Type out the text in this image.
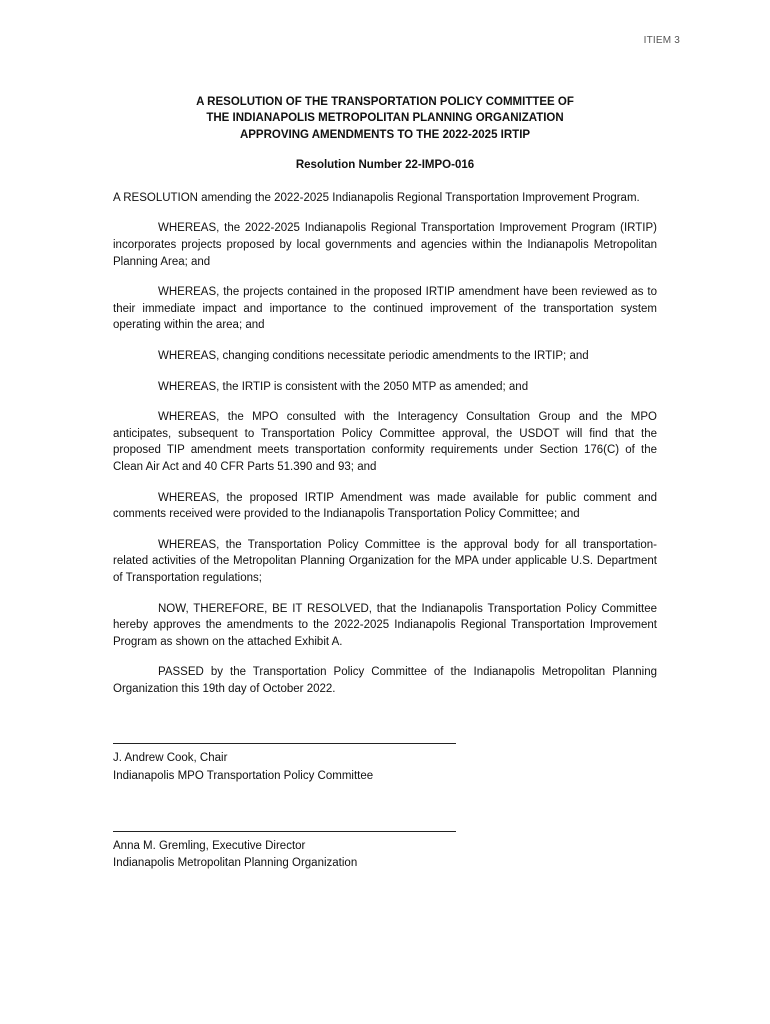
ITIEM 3
A RESOLUTION OF THE TRANSPORTATION POLICY COMMITTEE OF
THE INDIANAPOLIS METROPOLITAN PLANNING ORGANIZATION
APPROVING AMENDMENTS TO THE 2022-2025 IRTIP
Resolution Number 22-IMPO-016
A RESOLUTION amending the 2022-2025 Indianapolis Regional Transportation Improvement Program.

WHEREAS, the 2022-2025 Indianapolis Regional Transportation Improvement Program (IRTIP) incorporates projects proposed by local governments and agencies within the Indianapolis Metropolitan Planning Area; and

WHEREAS, the projects contained in the proposed IRTIP amendment have been reviewed as to their immediate impact and importance to the continued improvement of the transportation system operating within the area; and

WHEREAS, changing conditions necessitate periodic amendments to the IRTIP; and

WHEREAS, the IRTIP is consistent with the 2050 MTP as amended; and

WHEREAS, the MPO consulted with the Interagency Consultation Group and the MPO anticipates, subsequent to Transportation Policy Committee approval, the USDOT will find that the proposed TIP amendment meets transportation conformity requirements under Section 176(C) of the Clean Air Act and 40 CFR Parts 51.390 and 93; and

WHEREAS, the proposed IRTIP Amendment was made available for public comment and comments received were provided to the Indianapolis Transportation Policy Committee; and

WHEREAS, the Transportation Policy Committee is the approval body for all transportation-related activities of the Metropolitan Planning Organization for the MPA under applicable U.S. Department of Transportation regulations;

NOW, THEREFORE, BE IT RESOLVED, that the Indianapolis Transportation Policy Committee hereby approves the amendments to the 2022-2025 Indianapolis Regional Transportation Improvement Program as shown on the attached Exhibit A.

PASSED by the Transportation Policy Committee of the Indianapolis Metropolitan Planning Organization this 19th day of October 2022.

J. Andrew Cook, Chair
Indianapolis MPO Transportation Policy Committee
Anna M. Gremling, Executive Director
Indianapolis Metropolitan Planning Organization
